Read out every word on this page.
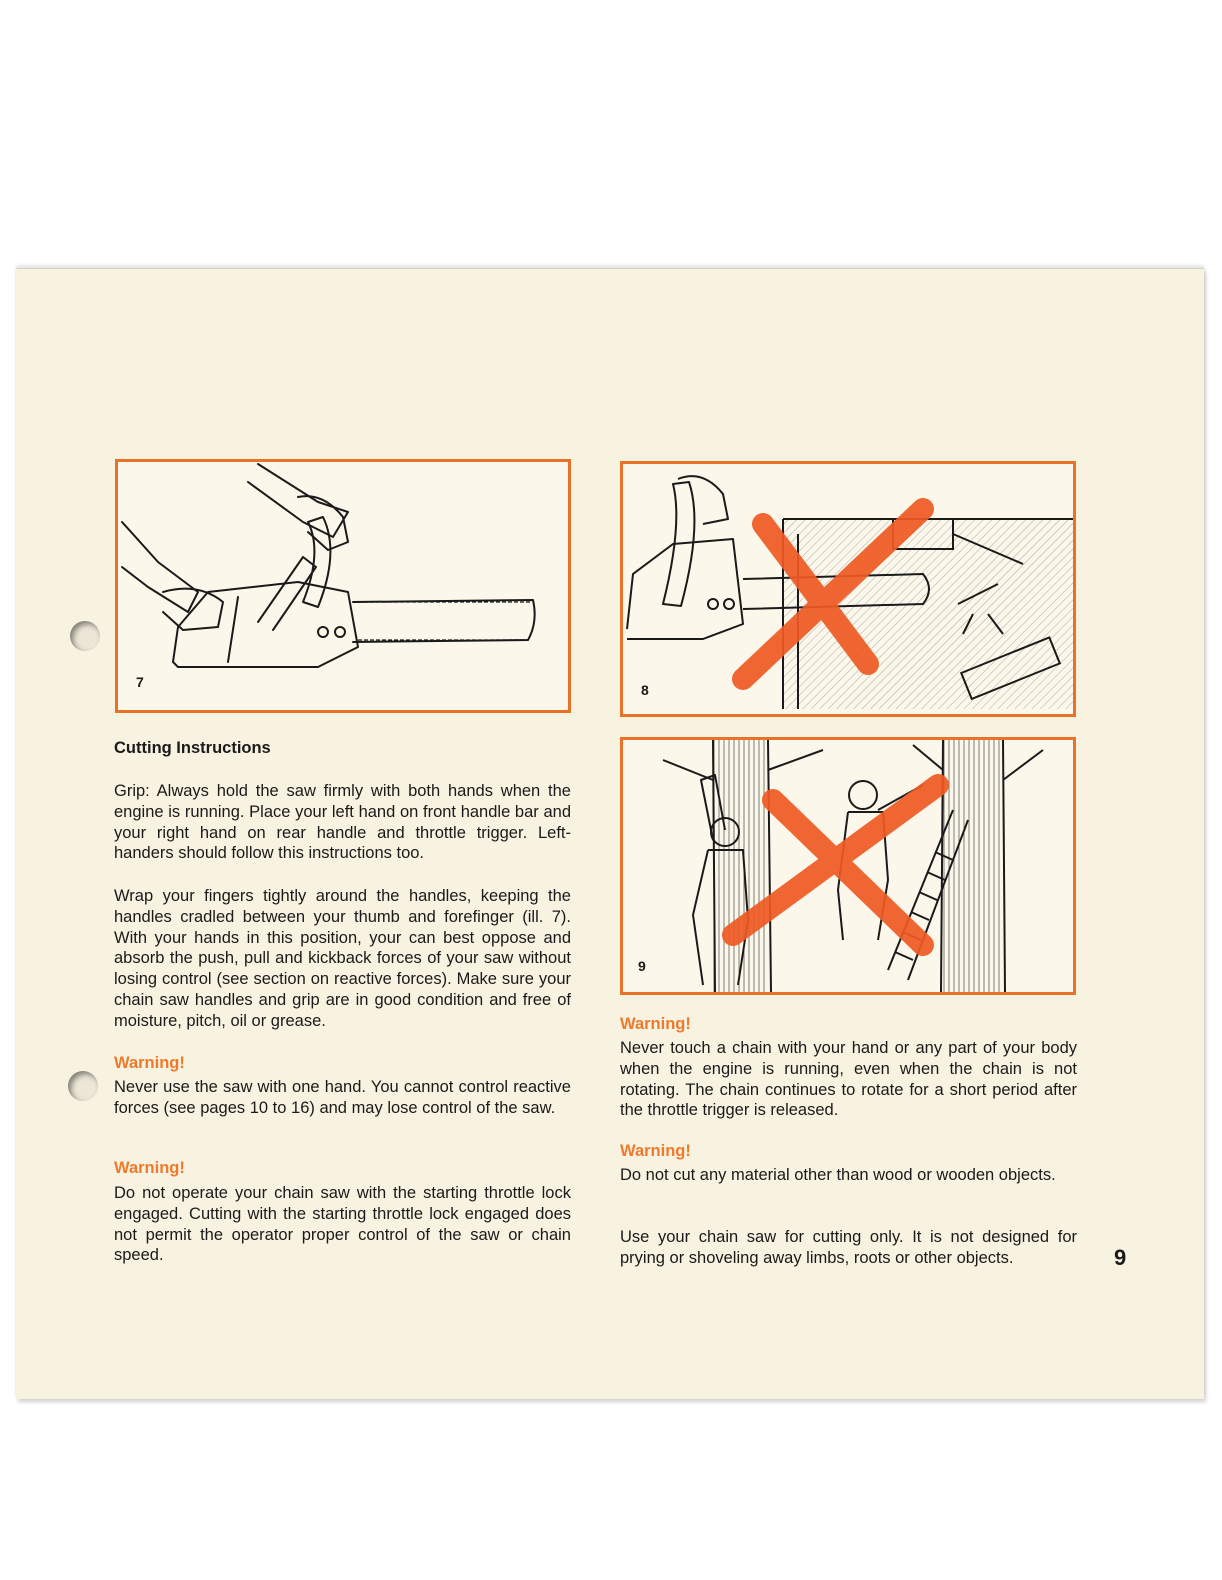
7	8
9
Cutting Instructions

Grip: Always hold the saw firmly with both hands when the engine is running. Place your left hand on front handle bar and your right hand on rear handle and throttle trigger. Left-handers should follow this instructions too.

Wrap your fingers tightly around the handles, keeping the handles cradled between your thumb and forefinger (ill. 7). With your hands in this position, your can best oppose and absorb the push, pull and kickback forces of your saw without losing control (see section on reactive forces). Make sure your chain saw handles and grip are in good condition and free of moisture, pitch, oil or grease.

Warning!

Never use the saw with one hand. You cannot control reactive forces (see pages 10 to 16) and may lose control of the saw.

Warning!

Do not operate your chain saw with the starting throttle lock engaged. Cutting with the starting throttle lock engaged does not permit the operator proper control of the saw or chain speed.

Warning!

Never touch a chain with your hand or any part of your body when the engine is running, even when the chain is not rotating. The chain continues to rotate for a short period after the throttle trigger is released.

Warning!

Do not cut any material other than wood or wooden objects.

Use your chain saw for cutting only. It is not designed for prying or shoveling away limbs, roots or other objects.	9
